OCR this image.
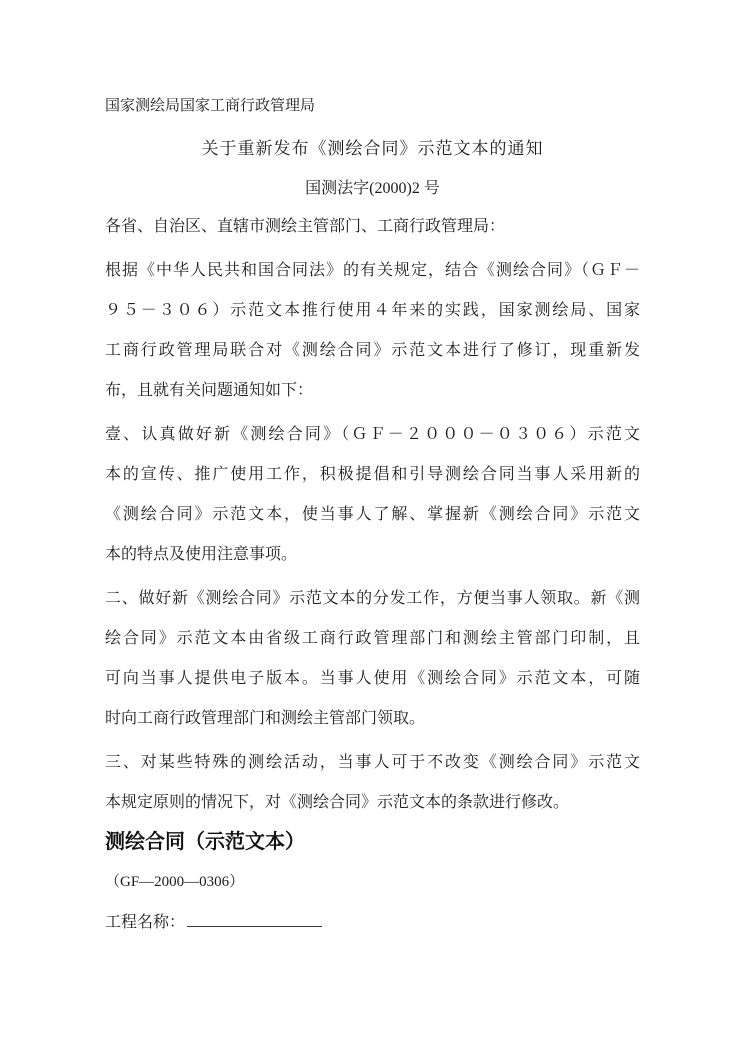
国家测绘局国家工商行政管理局
关于重新发布《测绘合同》示范文本的通知
国测法字(2000)2 号
各省、自治区、直辖市测绘主管部门、工商行政管理局：
根据《中华人民共和国合同法》的有关规定，结合《测绘合同》（ＧＦ－
９５－３０６）示范文本推行使用４年来的实践，国家测绘局、国家
工商行政管理局联合对《测绘合同》示范文本进行了修订，现重新发
布，且就有关问题通知如下：
壹、认真做好新《测绘合同》（ＧＦ－２０００－０３０６）示范文
本的宣传、推广使用工作，积极提倡和引导测绘合同当事人采用新的
《测绘合同》示范文本，使当事人了解、掌握新《测绘合同》示范文
本的特点及使用注意事项。
二、做好新《测绘合同》示范文本的分发工作，方便当事人领取。新《测
绘合同》示范文本由省级工商行政管理部门和测绘主管部门印制，且
可向当事人提供电子版本。当事人使用《测绘合同》示范文本，可随
时向工商行政管理部门和测绘主管部门领取。
三、对某些特殊的测绘活动，当事人可于不改变《测绘合同》示范文
本规定原则的情况下，对《测绘合同》示范文本的条款进行修改。
测绘合同（示范文本）
（GF—2000—0306）
工程名称：
